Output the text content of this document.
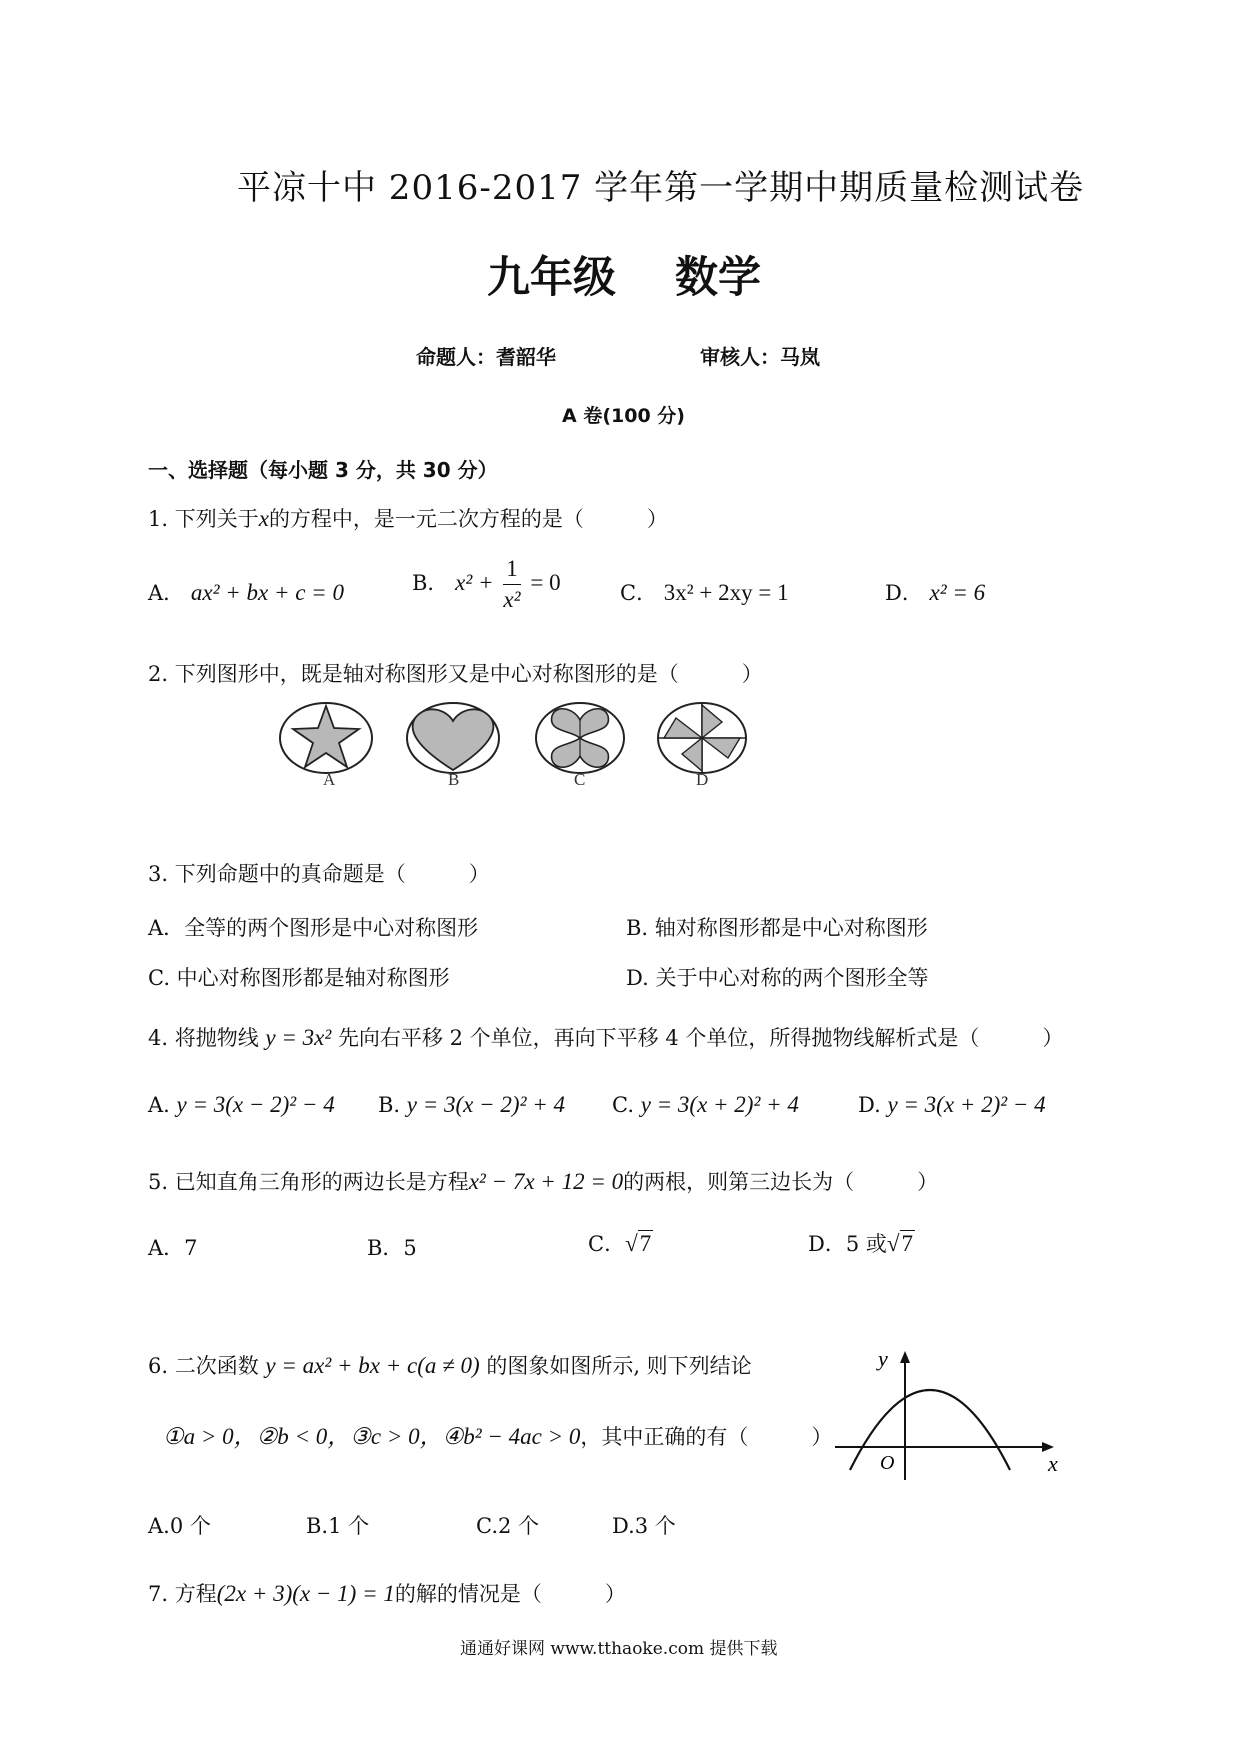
平凉十中 2016-2017 学年第一学期中期质量检测试卷
九年级 数学
命题人：耆韶华	审核人：马岚
A 卷(100 分)
一、选择题（每小题 3 分，共 30 分）
1. 下列关于x的方程中，是一元二次方程的是（　　　）
A． ax² + bx + c = 0	B． $x^2 + \frac{1}{\text{x²}} = 0$	C． 3x² + 2xy = 1	D． x² = 6
2. 下列图形中，既是轴对称图形又是中心对称图形的是（　　　）
A	B	C	D
3. 下列命题中的真命题是（　　　）
A．全等的两个图形是中心对称图形	B. 轴对称图形都是中心对称图形
C. 中心对称图形都是轴对称图形	D. 关于中心对称的两个图形全等
4. 将抛物线 y = 3x² 先向右平移 2 个单位，再向下平移 4 个单位，所得抛物线解析式是（　　　）
A. y = 3(x − 2)² − 4 B. y = 3(x − 2)² + 4 C. y = 3(x + 2)² + 4	D. y = 3(x + 2)² − 4
5. 已知直角三角形的两边长是方程x² − 7x + 12 = 0的两根，则第三边长为（　　　）
A．7	B．5	C．√7	D．5 或√7
6. 二次函数 y = ax² + bx + c(a ≠ 0) 的图象如图所示, 则下列结论
①a > 0，②b < 0，③c > 0，④b² − 4ac > 0，其中正确的有（　　　）
x
y
O
A.0 个	B.1 个	C.2 个	D.3 个
7. 方程(2x + 3)(x − 1) = 1的解的情况是（　　　）
通通好课网 www.tthaoke.com 提供下载
